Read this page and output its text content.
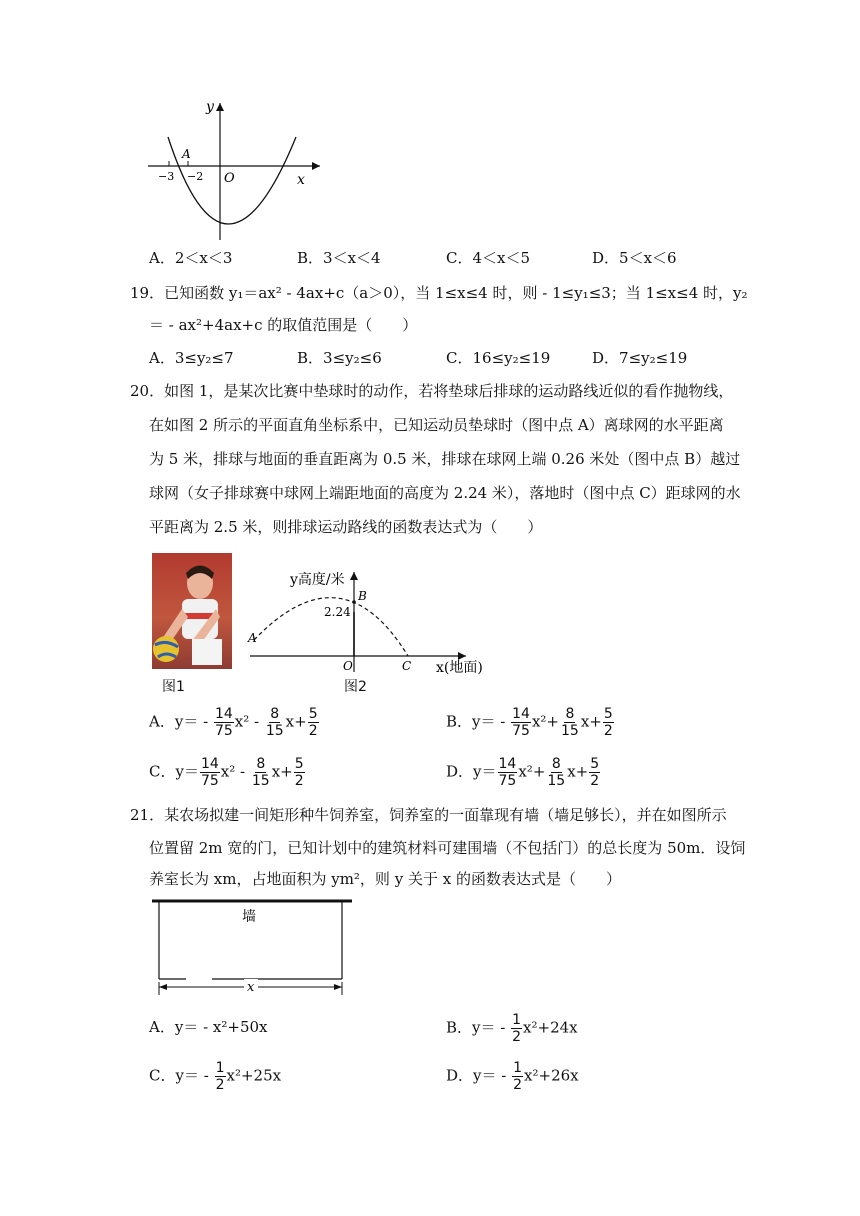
y
x
O
A
−3 −2
A．2＜x＜3	B．3＜x＜4	C．4＜x＜5	D．5＜x＜6
19．已知函数 y₁＝ax² ‑ 4ax+c（a＞0），当 1≤x≤4 时，则 ‑ 1≤y₁≤3；当 1≤x≤4 时，y₂
＝ ‑ ax²+4ax+c 的取值范围是（　　）
A．3≤y₂≤7	B．3≤y₂≤6	C．16≤y₂≤19	D．7≤y₂≤19
20．如图 1，是某次比赛中垫球时的动作，若将垫球后排球的运动路线近似的看作抛物线，
在如图 2 所示的平面直角坐标系中，已知运动员垫球时（图中点 A）离球网的水平距离
为 5 米，排球与地面的垂直距离为 0.5 米，排球在球网上端 0.26 米处（图中点 B）越过
球网（女子排球赛中球网上端距地面的高度为 2.24 米），落地时（图中点 C）距球网的水
平距离为 2.5 米，则排球运动路线的函数表达式为（　　）
图1
y高度/米
2.24
B
A
C
O	x(地面)
图2
A．y＝ ‑ $\frac{14}{75} x^2$ ‑ $\frac{8}{15} x+ \frac{5}{2}$	B．y＝ ‑ $\frac{14}{75} x^2+ \frac{8}{15} x+ \frac{5}{2}$
C．$y= \frac{14}{75} x^2$ ‑ $\frac{8}{15} x+ \frac{5}{2}$	D．$y= \frac{14}{75} x^2+ \frac{8}{15} x+ \frac{5}{2}$
21．某农场拟建一间矩形种牛饲养室，饲养室的一面靠现有墙（墙足够长），并在如图所示
位置留 2m 宽的门，已知计划中的建筑材料可建围墙（不包括门）的总长度为 50m．设饲
养室长为 xm，占地面积为 ym²，则 y 关于 x 的函数表达式是（　　）
墙
x
A．y＝ ‑ x²+50x	B．y＝ ‑ $\frac{1}{2} x^2+24x$
C．y＝ ‑ $\frac{1}{2} x^2+25x$	D．y＝ ‑ $\frac{1}{2} x^2+26x$
